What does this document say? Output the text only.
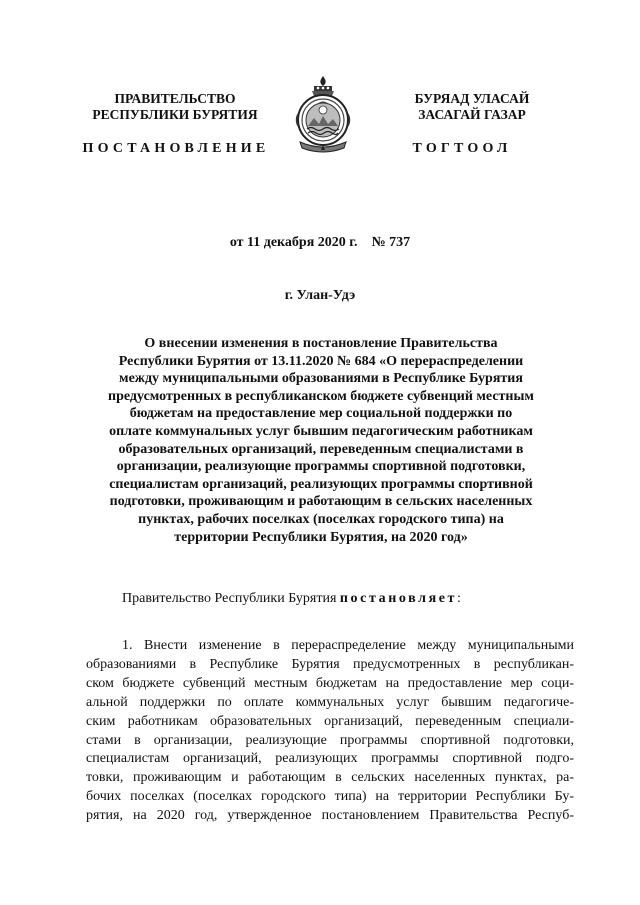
ПРАВИТЕЛЬСТВО
РЕСПУБЛИКИ БУРЯТИЯ
БУРЯАД УЛАСАЙ
ЗАСАГАЙ ГАЗАР
ПОСТАНОВЛЕНИЕ	ТОГТООЛ
от 11 декабря 2020 г. № 737
г. Улан-Удэ
О внесении изменения в постановление Правительства
Республики Бурятия от 13.11.2020 № 684 «О перераспределении
между муниципальными образованиями в Республике Бурятия
предусмотренных в республиканском бюджете субвенций местным
бюджетам на предоставление мер социальной поддержки по
оплате коммунальных услуг бывшим педагогическим работникам
образовательных организаций, переведенным специалистами в
организации, реализующие программы спортивной подготовки,
специалистам организаций, реализующих программы спортивной
подготовки, проживающим и работающим в сельских населенных
пунктах, рабочих поселках (поселках городского типа) на
территории Республики Бурятия, на 2020 год»
Правительство Республики Бурятия постановляет:
1. Внести изменение в перераспределение между муниципальными
образованиями в Республике Бурятия предусмотренных в республикан-
ском бюджете субвенций местным бюджетам на предоставление мер соци-
альной поддержки по оплате коммунальных услуг бывшим педагогиче-
ским работникам образовательных организаций, переведенным специали-
стами в организации, реализующие программы спортивной подготовки,
специалистам организаций, реализующих программы спортивной подго-
товки, проживающим и работающим в сельских населенных пунктах, ра-
бочих поселках (поселках городского типа) на территории Республики Бу-
рятия, на 2020 год, утвержденное постановлением Правительства Респуб-
